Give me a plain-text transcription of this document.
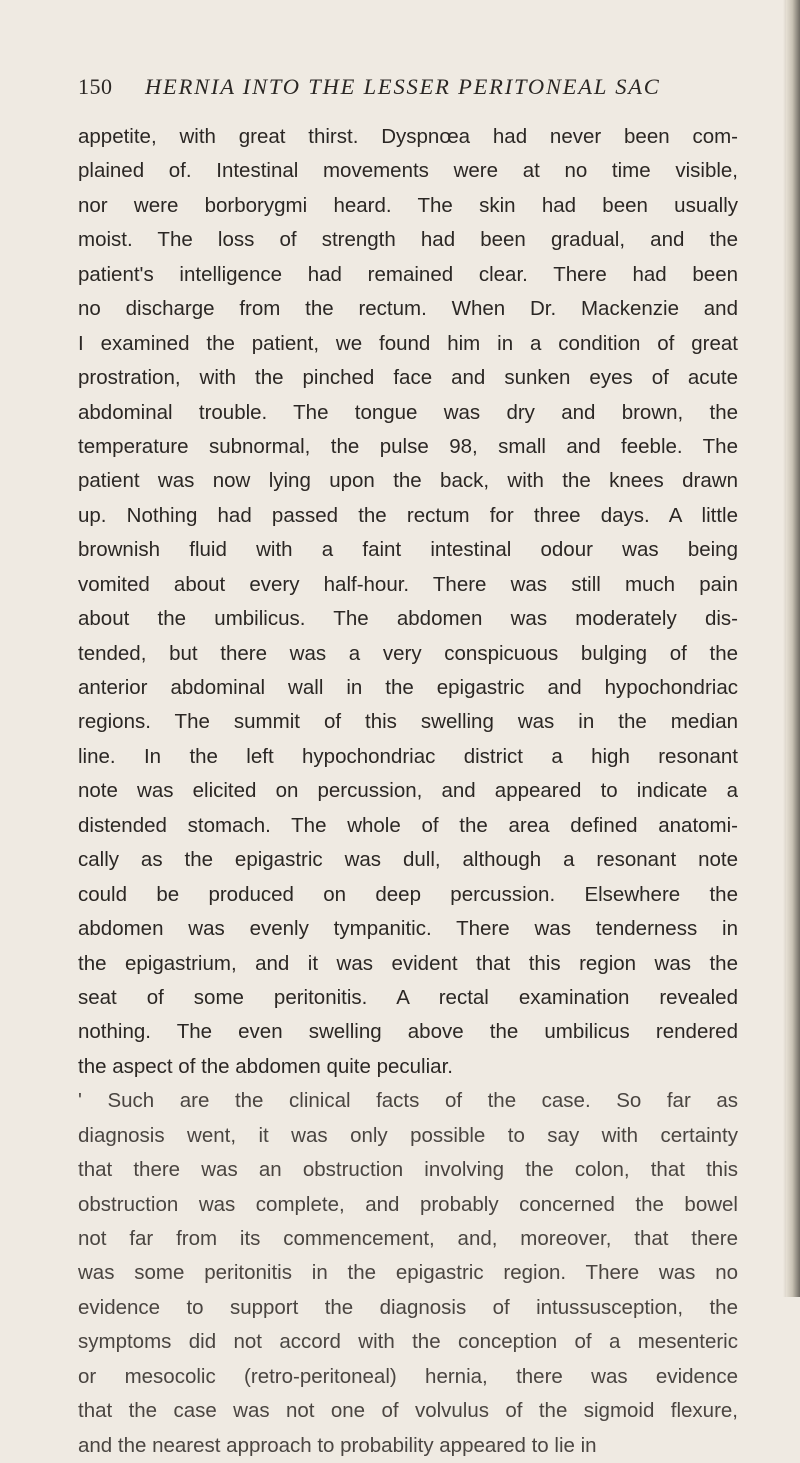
150 HERNIA INTO THE LESSER PERITONEAL SAC
appetite, with great thirst. Dyspnœa had never been com-
plained of. Intestinal movements were at no time visible,
nor were borborygmi heard. The skin had been usually
moist. The loss of strength had been gradual, and the
patient's intelligence had remained clear. There had been
no discharge from the rectum. When Dr. Mackenzie and
I examined the patient, we found him in a condition of great
prostration, with the pinched face and sunken eyes of acute
abdominal trouble. The tongue was dry and brown, the
temperature subnormal, the pulse 98, small and feeble. The
patient was now lying upon the back, with the knees drawn
up. Nothing had passed the rectum for three days. A little
brownish fluid with a faint intestinal odour was being
vomited about every half-hour. There was still much pain
about the umbilicus. The abdomen was moderately dis-
tended, but there was a very conspicuous bulging of the
anterior abdominal wall in the epigastric and hypochondriac
regions. The summit of this swelling was in the median
line. In the left hypochondriac district a high resonant
note was elicited on percussion, and appeared to indicate a
distended stomach. The whole of the area defined anatomi-
cally as the epigastric was dull, although a resonant note
could be produced on deep percussion. Elsewhere the
abdomen was evenly tympanitic. There was tenderness in
the epigastrium, and it was evident that this region was the
seat of some peritonitis. A rectal examination revealed
nothing. The even swelling above the umbilicus rendered
the aspect of the abdomen quite peculiar.
' Such are the clinical facts of the case. So far as
diagnosis went, it was only possible to say with certainty
that there was an obstruction involving the colon, that this
obstruction was complete, and probably concerned the bowel
not far from its commencement, and, moreover, that there
was some peritonitis in the epigastric region. There was no
evidence to support the diagnosis of intussusception, the
symptoms did not accord with the conception of a mesenteric
or mesocolic (retro-peritoneal) hernia, there was evidence
that the case was not one of volvulus of the sigmoid flexure,
and the nearest approach to probability appeared to lie in
